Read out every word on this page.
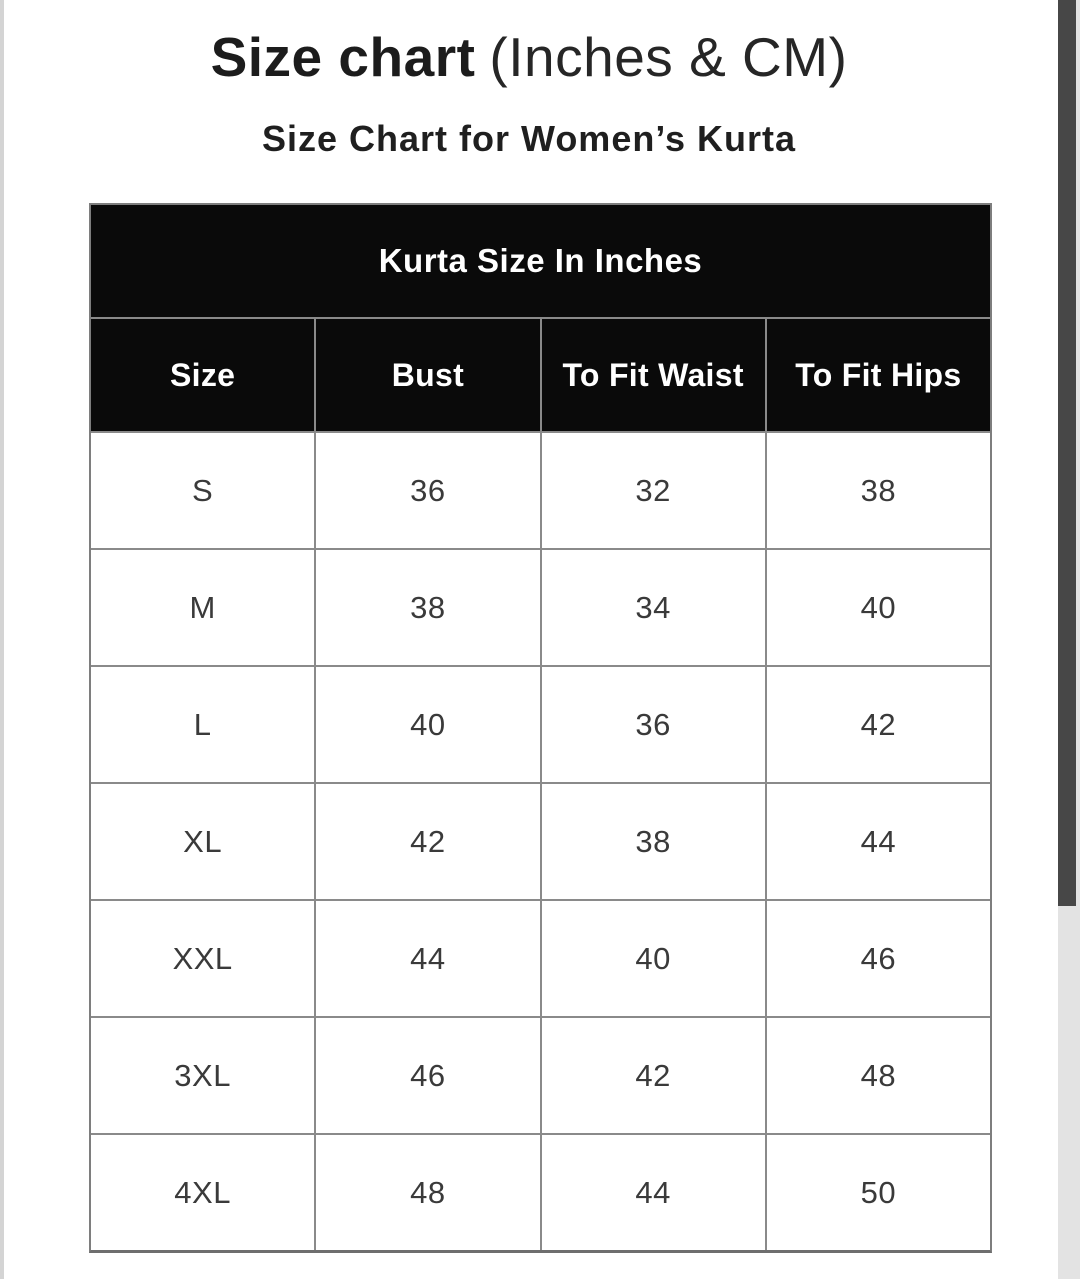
Size chart (Inches & CM)
Size Chart for Women’s Kurta
Kurta Size In Inches
Size	Bust	To Fit Waist	To Fit Hips
S	36	32	38
M	38	34	40
L	40	36	42
XL	42	38	44
XXL	44	40	46
3XL	46	42	48
4XL	48	44	50
